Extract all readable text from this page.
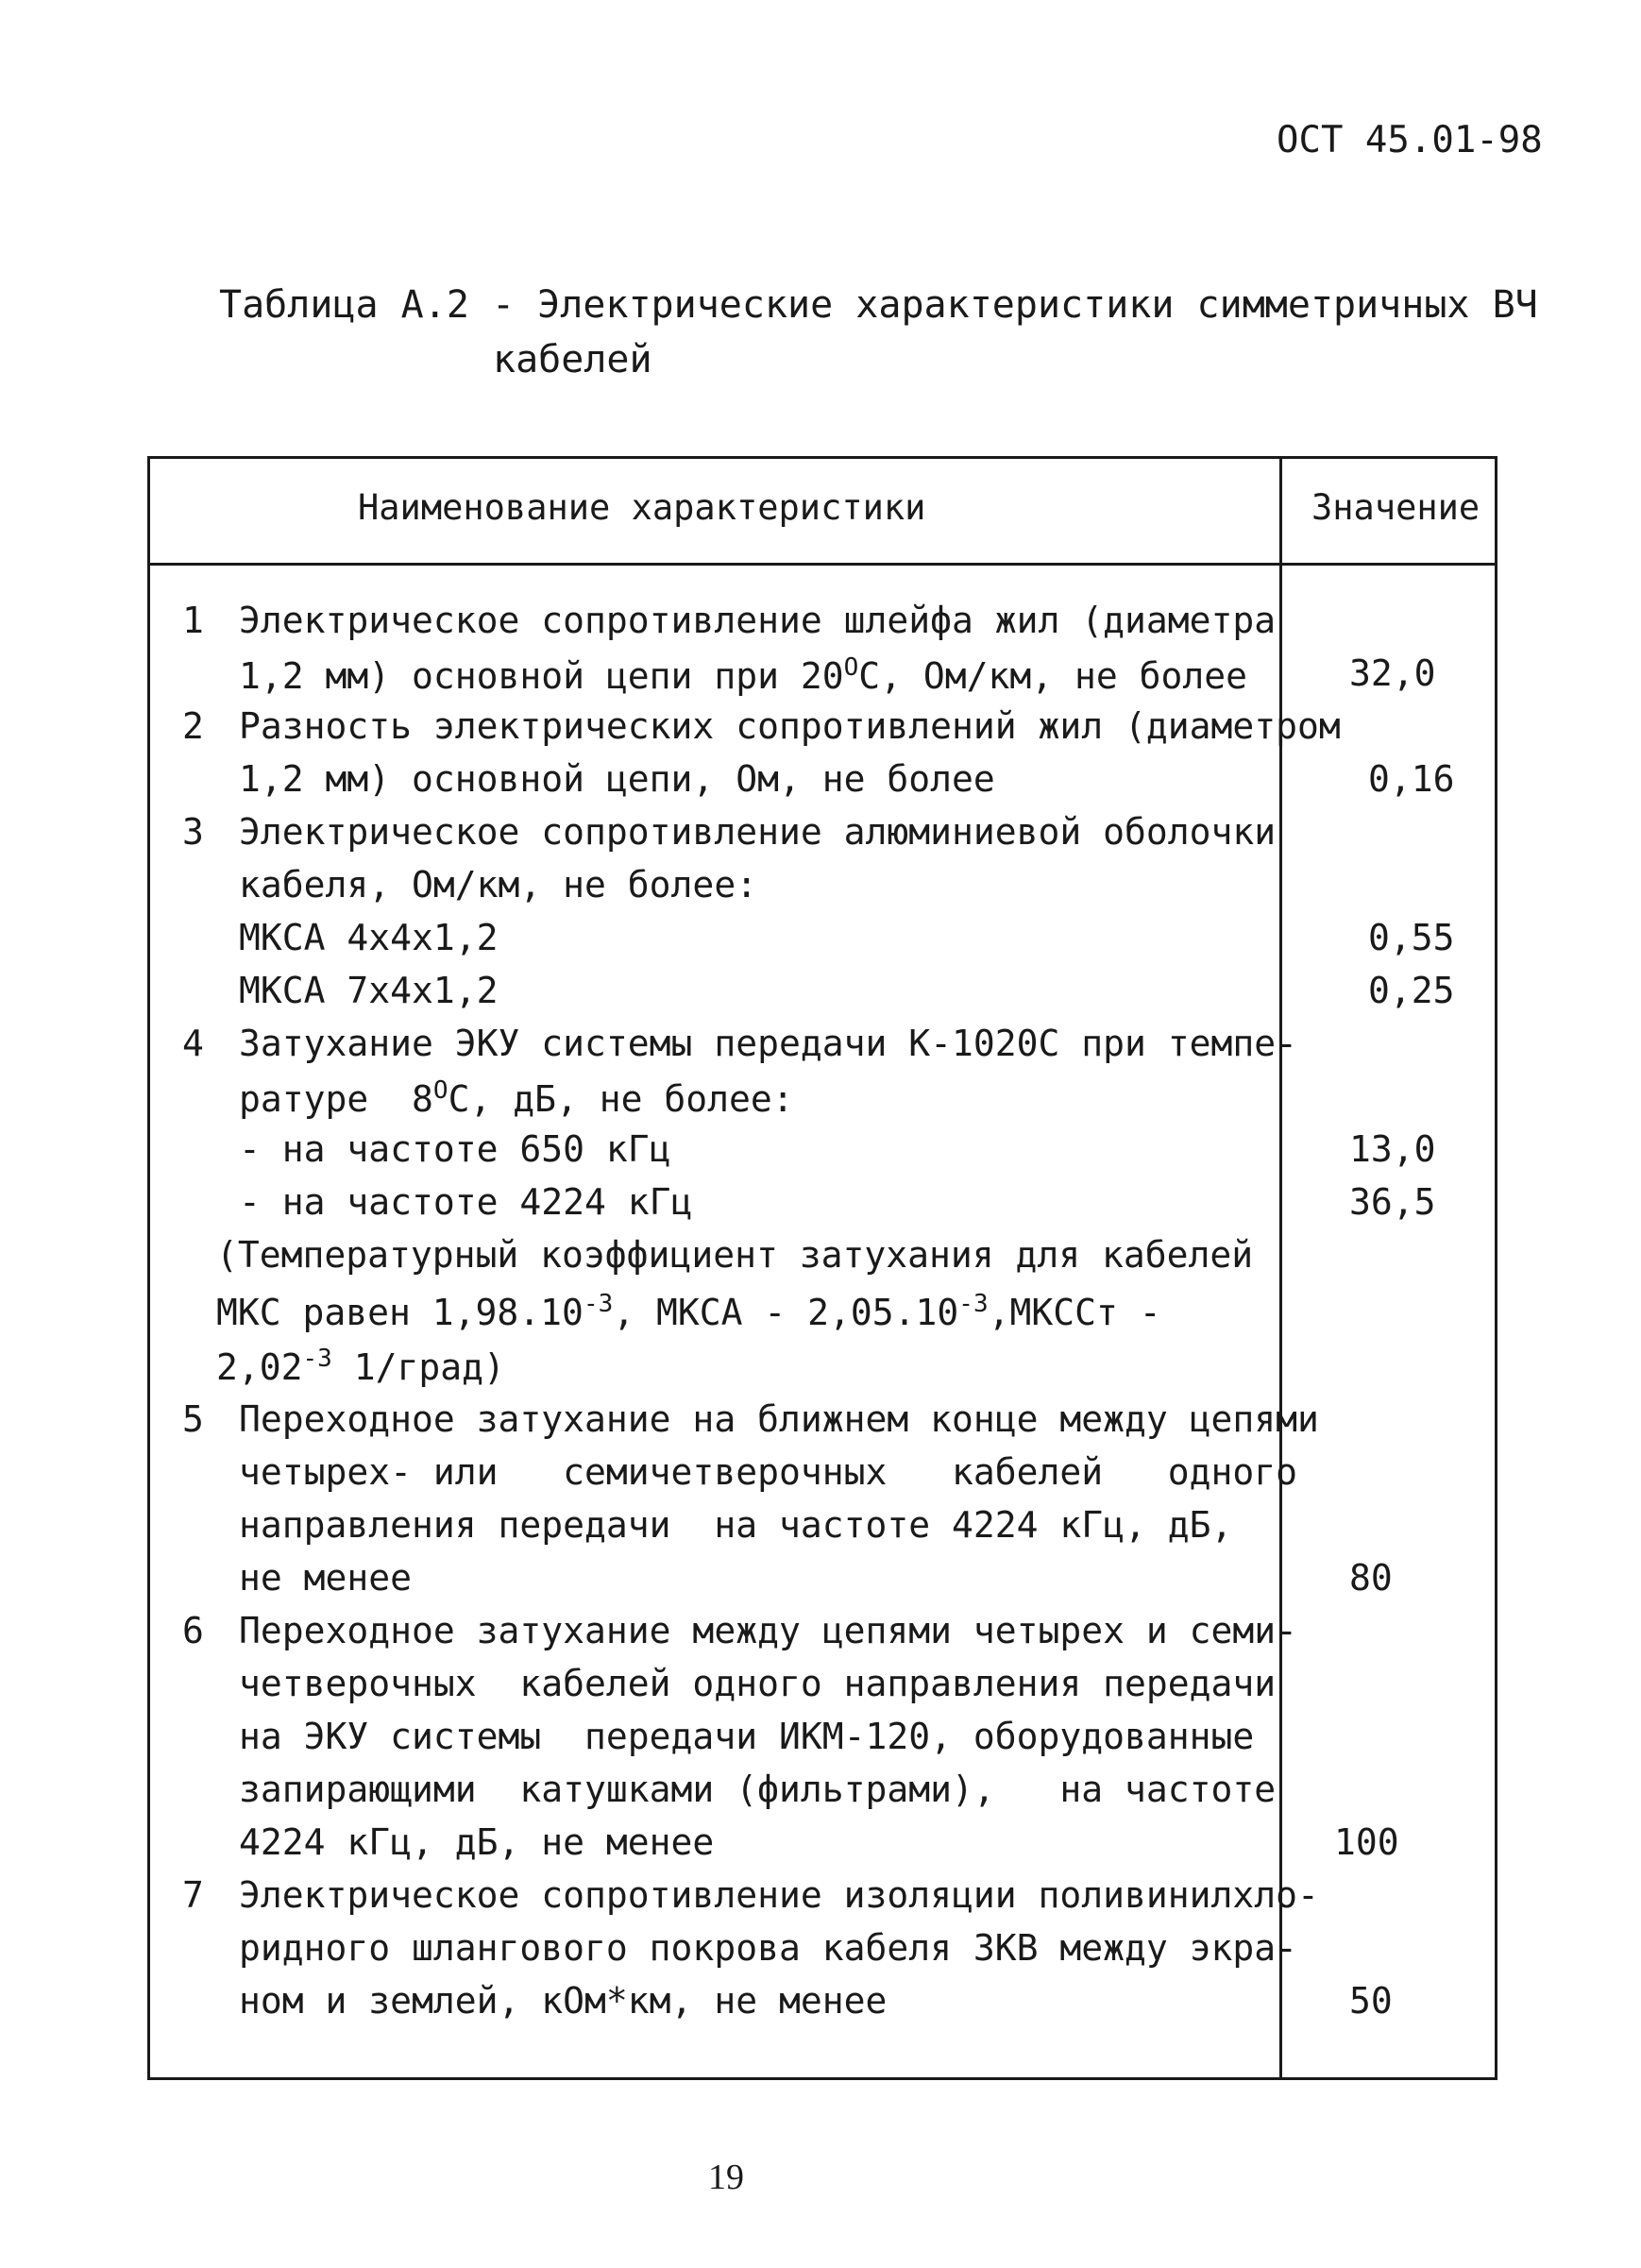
ОСТ 45.01-98
Таблица А.2 - Электрические характеристики симметричных ВЧ
кабелей
Наименование характеристики	Значение
1 Электрическое сопротивление шлейфа жил (диаметра
1,2 мм) основной цепи при $20^ОС$, Ом/км, не более	32,0
2 Разность электрических сопротивлений жил (диаметром
1,2 мм) основной цепи, Ом, не более	0,16
3 Электрическое сопротивление алюминиевой оболочки
кабеля, Ом/км, не более:
МКСА 4х4х1,2	0,55
МКСА 7х4х1,2	0,25
4 Затухание ЭКУ системы передачи К-1020С при темпе-
ратуре  $8^ОС$, дБ, не более:
- на частоте 650 кГц	13,0
- на частоте 4224 кГц	36,5
(Температурный коэффициент затухания для кабелей
МКС равен $1,98.10^{-3}$, МКСА - $2,05.10^{-3},МКССт$ -
$2,02^{-3}$ 1/град)
5 Переходное затухание на ближнем конце между цепями
четырех- или   семичетверочных   кабелей   одного
направления передачи  на частоте 4224 кГц, дБ,
не менее	80
6 Переходное затухание между цепями четырех и семи-
четверочных  кабелей одного направления передачи
на ЭКУ системы  передачи ИКМ-120, оборудованные
запирающими  катушками (фильтрами),   на частоте
4224 кГц, дБ, не менее	100
7 Электрическое сопротивление изоляции поливинилхло-
ридного шлангового покрова кабеля ЗКВ между экра-
ном и землей, кОм*км, не менее	50
19
